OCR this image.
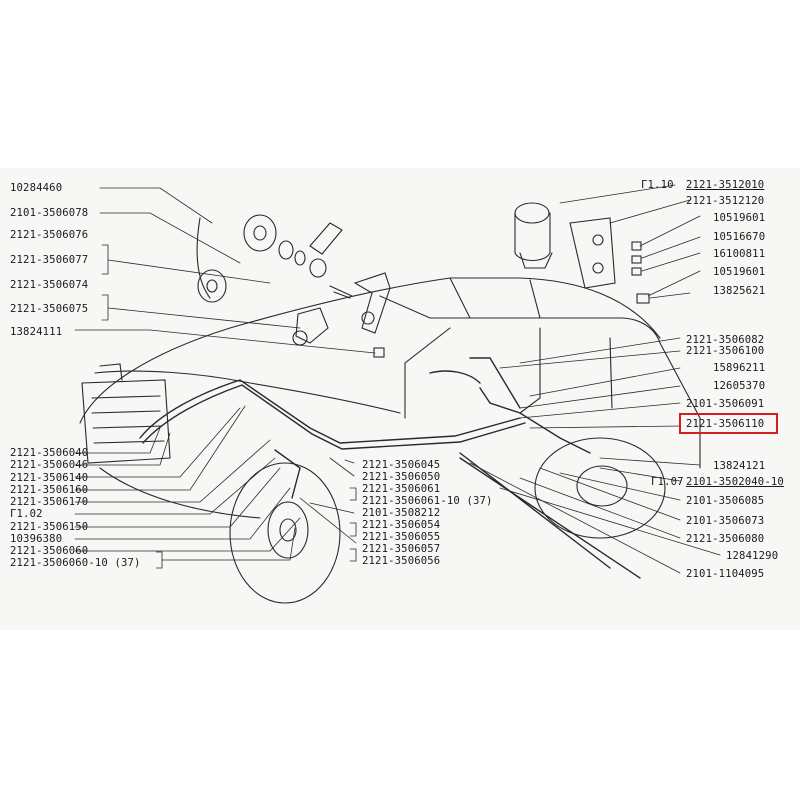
10284460
2101-3506078
2121-3506076
2121-3506077
2121-3506074
2121-3506075
13824111
2121-3506040
2121-3506046
2121-3506140
2121-3506160
2121-3506170
Г1.02
2121-3506150
10396380
2121-3506060
2121-3506060-10 (37)
2121-3506045
2121-3506050
2121-3506061
2121-3506061-10 (37)
2101-3508212
2121-3506054
2121-3506055
2121-3506057
2121-3506056
Г1.10 2121-3512010
2121-3512120
10519601
10516670
16100811
10519601
13825621
2121-3506082
2121-3506100
15896211
12605370
2101-3506091
2121-3506110
13824121
Г1.07 2101-3502040-10
2101-3506085
2101-3506073
2121-3506080
12841290
2101-1104095
